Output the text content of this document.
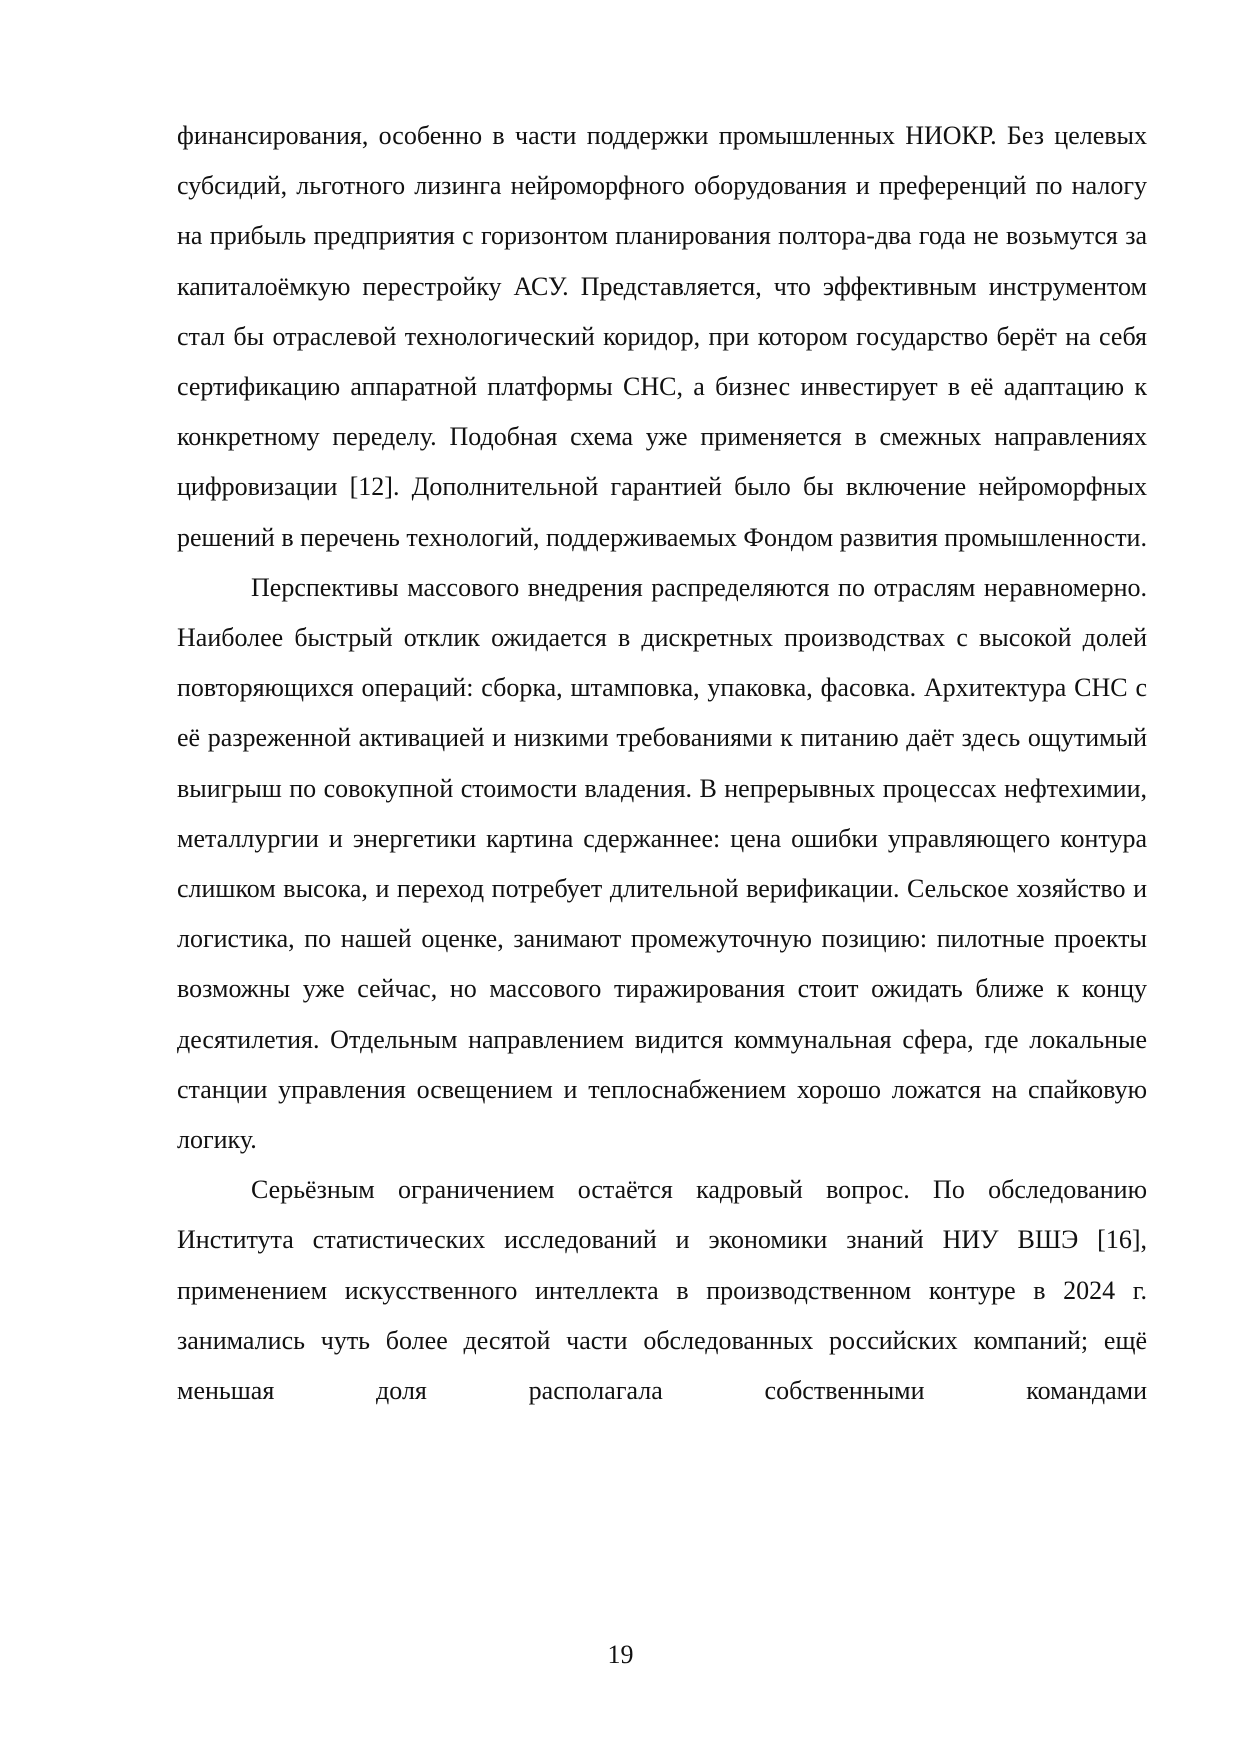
финансирования, особенно в части поддержки промышленных НИОКР. Без целевых субсидий, льготного лизинга нейроморфного оборудования и преференций по налогу на прибыль предприятия с горизонтом планирования полтора-два года не возьмутся за капиталоёмкую перестройку АСУ. Представляется, что эффективным инструментом стал бы отраслевой технологический коридор, при котором государство берёт на себя сертификацию аппаратной платформы СНС, а бизнес инвестирует в её адаптацию к конкретному переделу. Подобная схема уже применяется в смежных направлениях цифровизации [12]. Дополнительной гарантией было бы включение нейроморфных решений в перечень технологий, поддерживаемых Фондом развития промышленности.

Перспективы массового внедрения распределяются по отраслям неравномерно. Наиболее быстрый отклик ожидается в дискретных производствах с высокой долей повторяющихся операций: сборка, штамповка, упаковка, фасовка. Архитектура СНС с её разреженной активацией и низкими требованиями к питанию даёт здесь ощутимый выигрыш по совокупной стоимости владения. В непрерывных процессах нефтехимии, металлургии и энергетики картина сдержаннее: цена ошибки управляющего контура слишком высока, и переход потребует длительной верификации. Сельское хозяйство и логистика, по нашей оценке, занимают промежуточную позицию: пилотные проекты возможны уже сейчас, но массового тиражирования стоит ожидать ближе к концу десятилетия. Отдельным направлением видится коммунальная сфера, где локальные станции управления освещением и теплоснабжением хорошо ложатся на спайковую логику.

Серьёзным ограничением остаётся кадровый вопрос. По обследованию Института статистических исследований и экономики знаний НИУ ВШЭ [16], применением искусственного интеллекта в производственном контуре в 2024 г. занимались чуть более десятой части обследованных российских компаний; ещё меньшая доля располагала собственными командами

19
